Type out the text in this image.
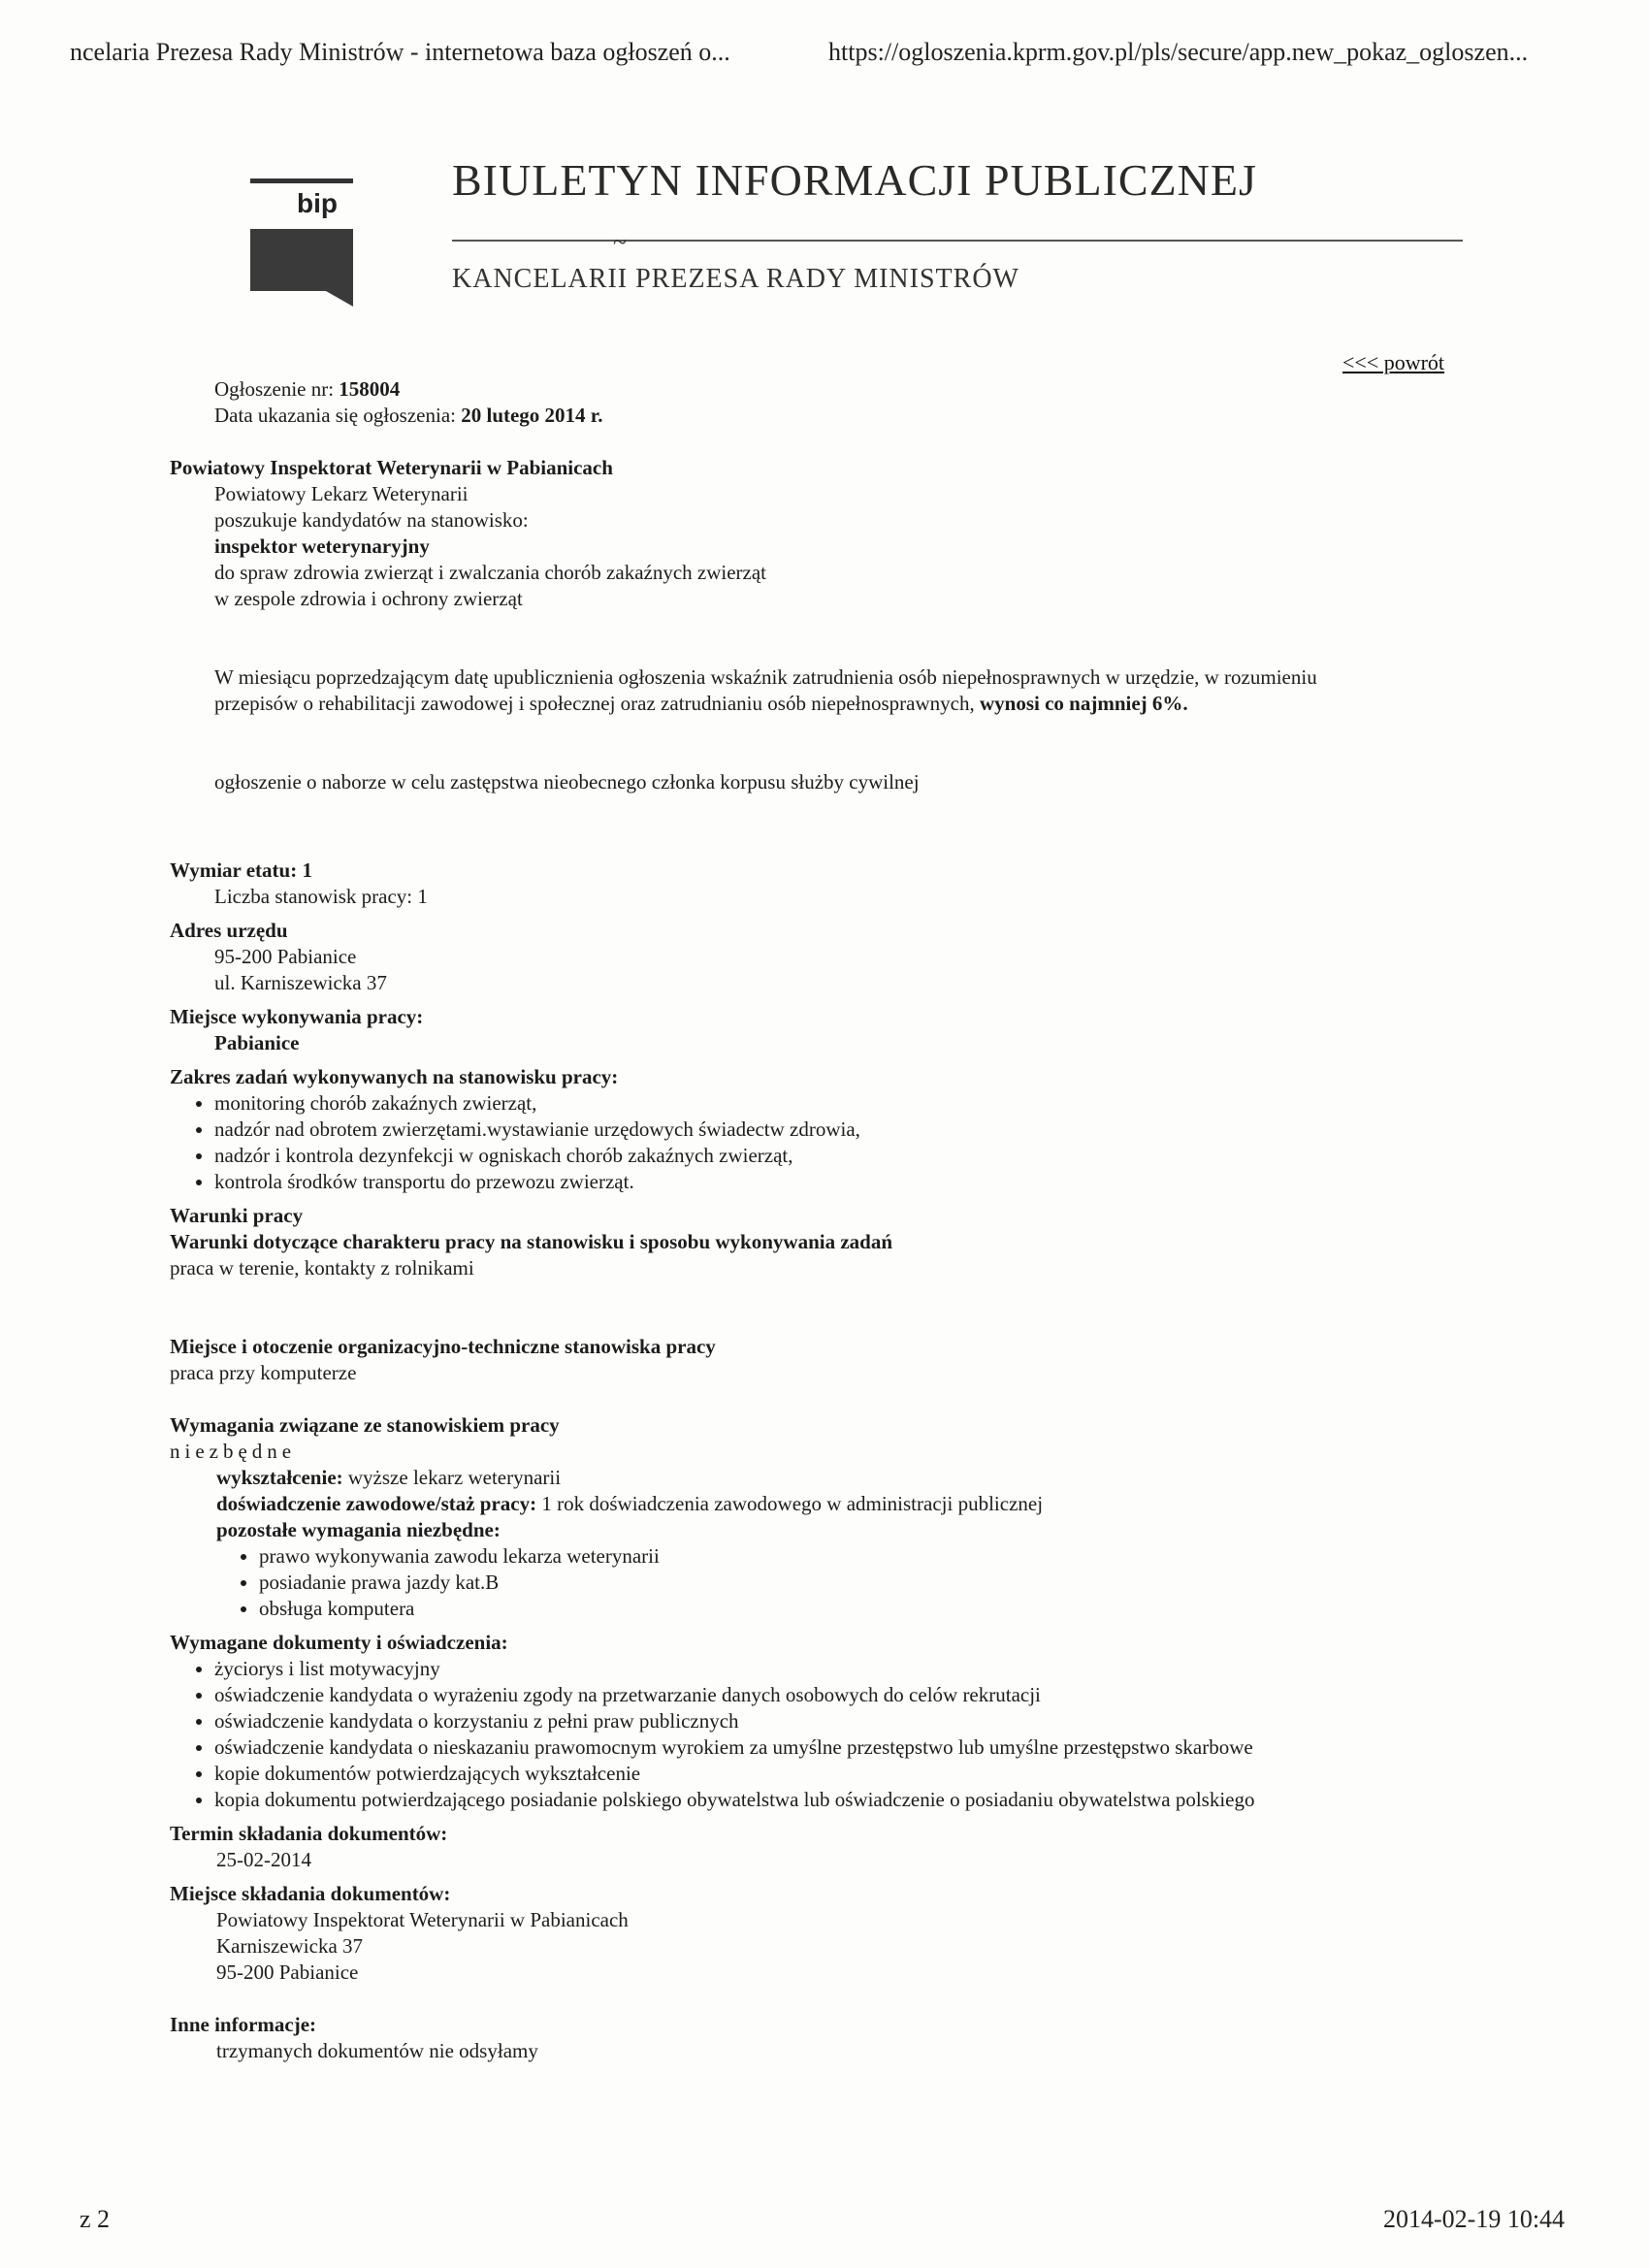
ncelaria Prezesa Rady Ministrów - internetowa baza ogłoszeń o...	https://ogloszenia.kprm.gov.pl/pls/secure/app.new_pokaz_ogloszen...
bip	BIULETYN INFORMACJI PUBLICZNEJ
~
KANCELARII PREZESA RADY MINISTRÓW
<<< powrót
Ogłoszenie nr: 158004
Data ukazania się ogłoszenia: 20 lutego 2014 r.
Powiatowy Inspektorat Weterynarii w Pabianicach
Powiatowy Lekarz Weterynarii
poszukuje kandydatów na stanowisko:
inspektor weterynaryjny
do spraw zdrowia zwierząt i zwalczania chorób zakaźnych zwierząt
w zespole zdrowia i ochrony zwierząt
W miesiącu poprzedzającym datę upublicznienia ogłoszenia wskaźnik zatrudnienia osób niepełnosprawnych w urzędzie, w rozumieniu
przepisów o rehabilitacji zawodowej i społecznej oraz zatrudnianiu osób niepełnosprawnych, wynosi co najmniej 6%.
ogłoszenie o naborze w celu zastępstwa nieobecnego członka korpusu służby cywilnej
Wymiar etatu: 1
Liczba stanowisk pracy: 1
Adres urzędu
95-200 Pabianice
ul. Karniszewicka 37
Miejsce wykonywania pracy:
Pabianice
Zakres zadań wykonywanych na stanowisku pracy:
• monitoring chorób zakaźnych zwierząt,
• nadzór nad obrotem zwierzętami.wystawianie urzędowych świadectw zdrowia,
• nadzór i kontrola dezynfekcji w ogniskach chorób zakaźnych zwierząt,
• kontrola środków transportu do przewozu zwierząt.
Warunki pracy
Warunki dotyczące charakteru pracy na stanowisku i sposobu wykonywania zadań
praca w terenie, kontakty z rolnikami
Miejsce i otoczenie organizacyjno-techniczne stanowiska pracy
praca przy komputerze
Wymagania związane ze stanowiskiem pracy
niezbędne
wykształcenie: wyższe lekarz weterynarii
doświadczenie zawodowe/staż pracy: 1 rok doświadczenia zawodowego w administracji publicznej
pozostałe wymagania niezbędne:
• prawo wykonywania zawodu lekarza weterynarii
• posiadanie prawa jazdy kat.B
• obsługa komputera
Wymagane dokumenty i oświadczenia:
• życiorys i list motywacyjny
• oświadczenie kandydata o wyrażeniu zgody na przetwarzanie danych osobowych do celów rekrutacji
• oświadczenie kandydata o korzystaniu z pełni praw publicznych
• oświadczenie kandydata o nieskazaniu prawomocnym wyrokiem za umyślne przestępstwo lub umyślne przestępstwo skarbowe
• kopie dokumentów potwierdzających wykształcenie
• kopia dokumentu potwierdzającego posiadanie polskiego obywatelstwa lub oświadczenie o posiadaniu obywatelstwa polskiego
Termin składania dokumentów:
25-02-2014
Miejsce składania dokumentów:
Powiatowy Inspektorat Weterynarii w Pabianicach
Karniszewicka 37
95-200 Pabianice
Inne informacje:
trzymanych dokumentów nie odsyłamy
z 2	2014-02-19 10:44
